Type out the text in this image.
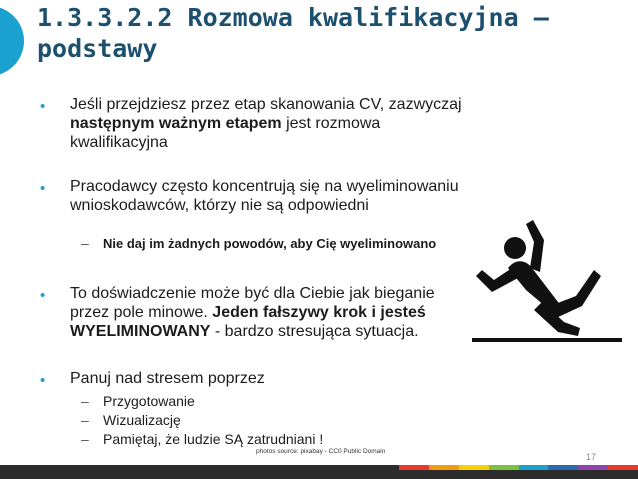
1.3.3.2.2 Rozmowa kwalifikacyjna – podstawy
• Jeśli przejdziesz przez etap skanowania CV, zazwyczaj następnym ważnym etapem jest rozmowa kwalifikacyjna
• Pracodawcy często koncentrują się na wyeliminowaniu wnioskodawców, którzy nie są odpowiedni
– Nie daj im żadnych powodów, aby Cię wyeliminowano
• To doświadczenie może być dla Ciebie jak bieganie przez pole minowe. Jeden fałszywy krok i jesteś WYELIMINOWANY - bardzo stresująca sytuacja.
• Panuj nad stresem poprzez
– Przygotowanie
– Wizualizację
– Pamiętaj, że ludzie SĄ zatrudniani !
photos source: pixabay - CC0 Public Domain
17
